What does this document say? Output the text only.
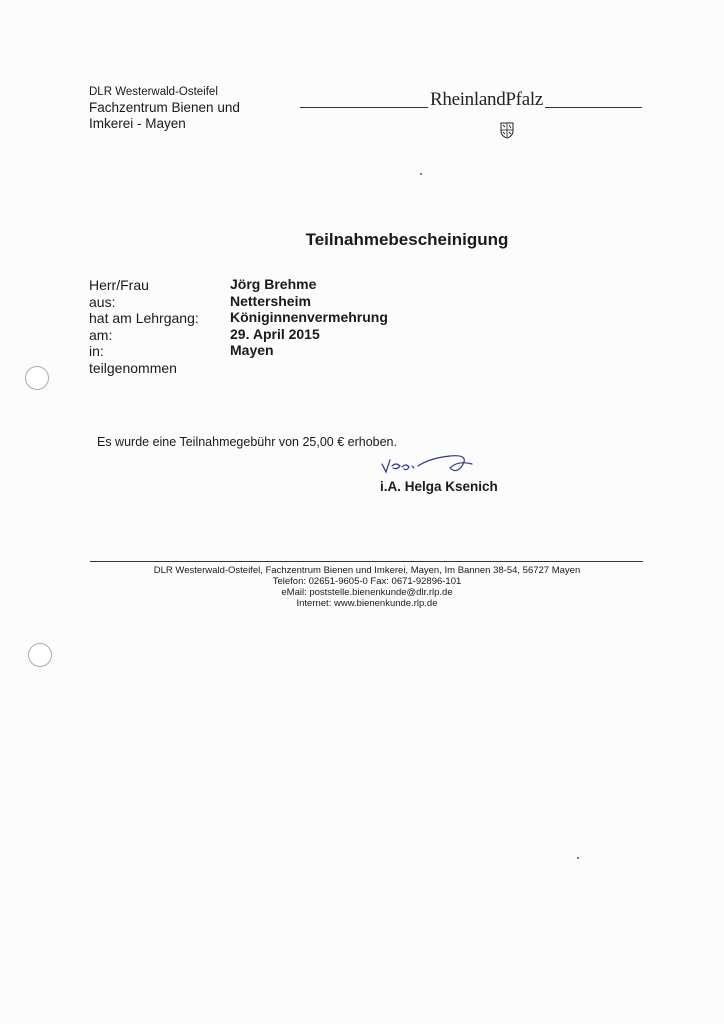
DLR Westerwald-Osteifel
Fachzentrum Bienen und
Imkerei - Mayen
RheinlandPfalz
Teilnahmebescheinigung
Herr/Frau
aus:
hat am Lehrgang:
am:
in:
teilgenommen
Jörg Brehme
Nettersheim
Königinnenvermehrung
29. April 2015
Mayen
Es wurde eine Teilnahmegebühr von 25,00 € erhoben.
i.A. Helga Ksenich
DLR Westerwald-Osteifel, Fachzentrum Bienen und Imkerei, Mayen, Im Bannen 38-54, 56727 Mayen
Telefon: 02651-9605-0 Fax: 0671-92896-101
eMail: poststelle.bienenkunde@dlr.rlp.de
Internet: www.bienenkunde.rlp.de
